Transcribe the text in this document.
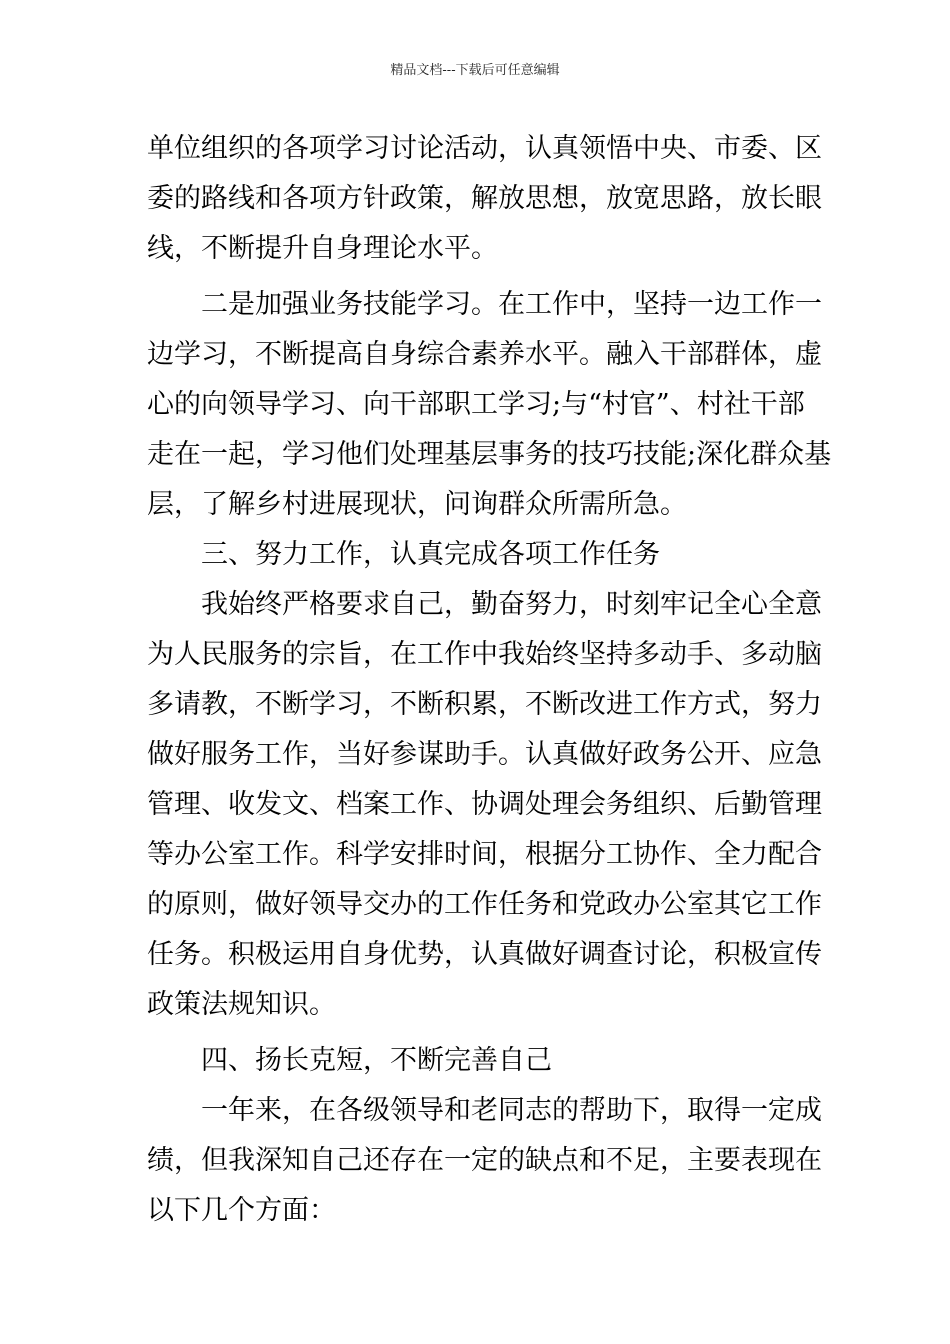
精品文档---下载后可任意编辑
单位组织的各项学习讨论活动，认真领悟中央、市委、区
委的路线和各项方针政策，解放思想，放宽思路，放长眼
线，不断提升自身理论水平。
二是加强业务技能学习。在工作中，坚持一边工作一
边学习，不断提高自身综合素养水平。融入干部群体，虚
心的向领导学习、向干部职工学习;与“村官”、村社干部
走在一起，学习他们处理基层事务的技巧技能;深化群众基
层，了解乡村进展现状，问询群众所需所急。
三、努力工作，认真完成各项工作任务
我始终严格要求自己，勤奋努力，时刻牢记全心全意
为人民服务的宗旨，在工作中我始终坚持多动手、多动脑
多请教，不断学习，不断积累，不断改进工作方式，努力
做好服务工作，当好参谋助手。认真做好政务公开、应急
管理、收发文、档案工作、协调处理会务组织、后勤管理
等办公室工作。科学安排时间，根据分工协作、全力配合
的原则，做好领导交办的工作任务和党政办公室其它工作
任务。积极运用自身优势，认真做好调查讨论，积极宣传
政策法规知识。
四、扬长克短，不断完善自己
一年来，在各级领导和老同志的帮助下，取得一定成
绩，但我深知自己还存在一定的缺点和不足，主要表现在
以下几个方面：
